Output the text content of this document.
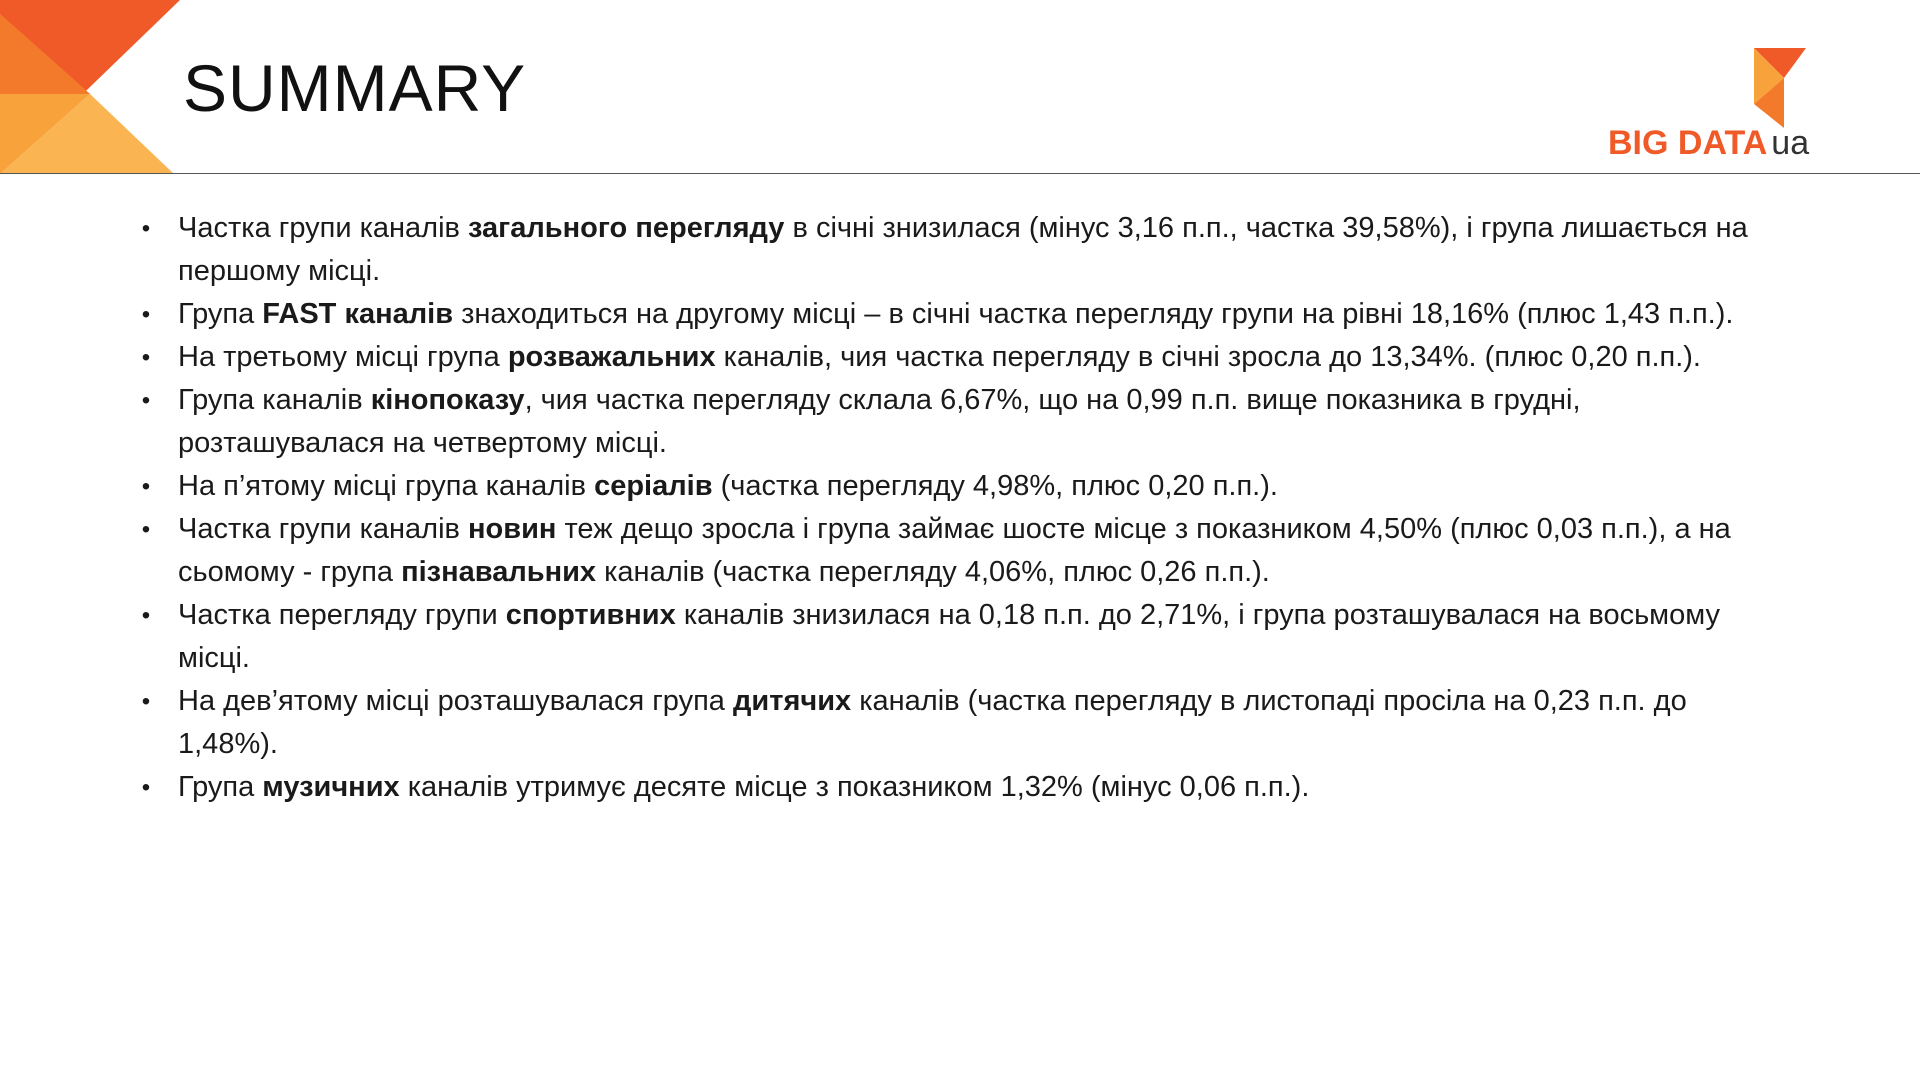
SUMMARY
BIG DATA ua
• Частка групи каналів загального перегляду в січні знизилася (мінус 3,16 п.п., частка 39,58%), і група лишається на першому місці.
• Група FAST каналів знаходиться на другому місці – в січні частка перегляду групи на рівні 18,16% (плюс 1,43 п.п.).
• На третьому місці група розважальних каналів, чия частка перегляду в січні зросла до 13,34%. (плюс 0,20 п.п.).
• Група каналів кінопоказу, чия частка перегляду склала 6,67%, що на 0,99 п.п. вище показника в грудні, розташувалася на четвертому місці.
• На п’ятому місці група каналів серіалів (частка перегляду 4,98%, плюс 0,20 п.п.).
• Частка групи каналів новин теж дещо зросла і група займає шосте місце з показником 4,50% (плюс 0,03 п.п.), а на сьомому - група пізнавальних каналів (частка перегляду 4,06%, плюс 0,26 п.п.).
• Частка перегляду групи спортивних каналів знизилася на 0,18 п.п. до 2,71%, і група розташувалася на восьмому місці.
• На дев’ятому місці розташувалася група дитячих каналів (частка перегляду в листопаді просіла на 0,23 п.п. до 1,48%).
• Група музичних каналів утримує десяте місце з показником 1,32% (мінус 0,06 п.п.).
